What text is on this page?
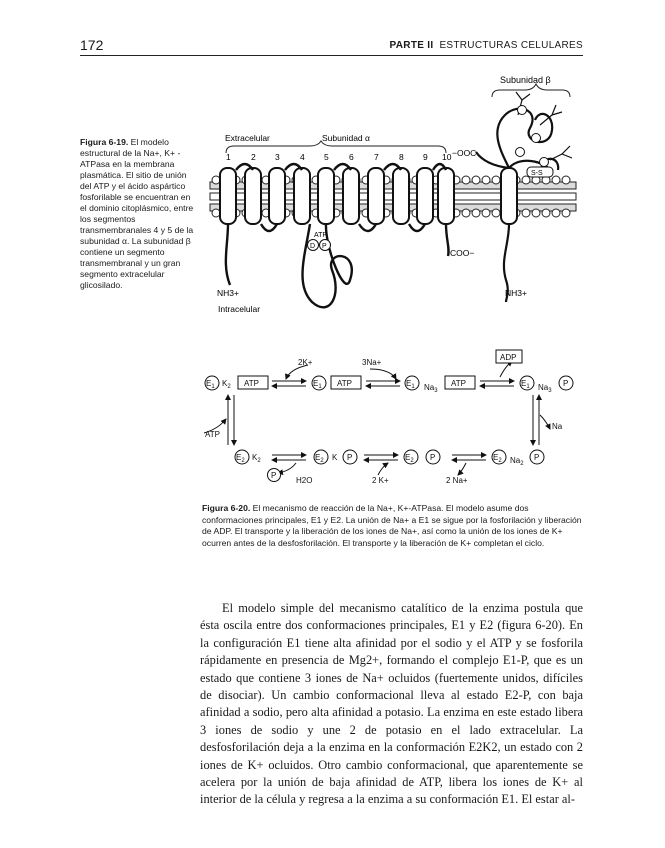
172	PARTE II ESTRUCTURAS CELULARES
Figura 6-19. El modelo estructural de la Na+, K+ -ATPasa en la membrana plasmática. El sitio de unión del ATP y el ácido aspártico fosforilable se encuentran en el dominio citoplásmico, entre los segmentos transmembranales 4 y 5 de la subunidad α. La subunidad β contiene un segmento transmembranal y un gran segmento extracelular glicosilado.
Subunidad β
Extracelular	Subunidad α
1 2 3 4 5 6 7 8 9 10
D P
ATP
NH3+
COO−
Intracelular
S-S
−OOC
NH3+
$E_1$ $K_2$ ATP
2K+
$E_1$ ATP
3Na+
$E_1$ $Na_3$
ATP
ADP
$E_1$ $Na_3$
P
ATP
Na
$E_2$ $K_2$
P
H2O
$E_2$ K P
2 K+
$E_2$ P
2 Na+
$E_2$ $Na_2$
P
Figura 6-20. El mecanismo de reacción de la Na+, K+-ATPasa. El modelo asume dos conformaciones principales, E1 y E2. La unión de Na+ a E1 se sigue por la fosforilación y liberación de ADP. El transporte y la liberación de los iones de Na+, así como la unión de los iones de K+ ocurren antes de la desfosforilación. El transporte y la liberación de K+ completan el ciclo.

El modelo simple del mecanismo catalítico de la enzima postula que ésta oscila entre dos conformaciones principales, E1 y E2 (figura 6-20). En la configuración E1 tiene alta afinidad por el sodio y el ATP y se fosforila rápidamente en presencia de Mg2+, formando el complejo E1-P, que es un estado que contiene 3 iones de Na+ ocluidos (fuertemente unidos, difíciles de disociar). Un cambio conformacional lleva al estado E2-P, con baja afinidad a sodio, pero alta afinidad a potasio. La enzima en este estado libera 3 iones de sodio y une 2 de potasio en el lado extracelular. La desfosforilación deja a la enzima en la conformación E2K2, un estado con 2 iones de K+ ocluidos. Otro cambio conformacional, que aparentemente se acelera por la unión de baja afinidad de ATP, libera los iones de K+ al interior de la célula y regresa a la enzima a su conformación E1. El estar al-
